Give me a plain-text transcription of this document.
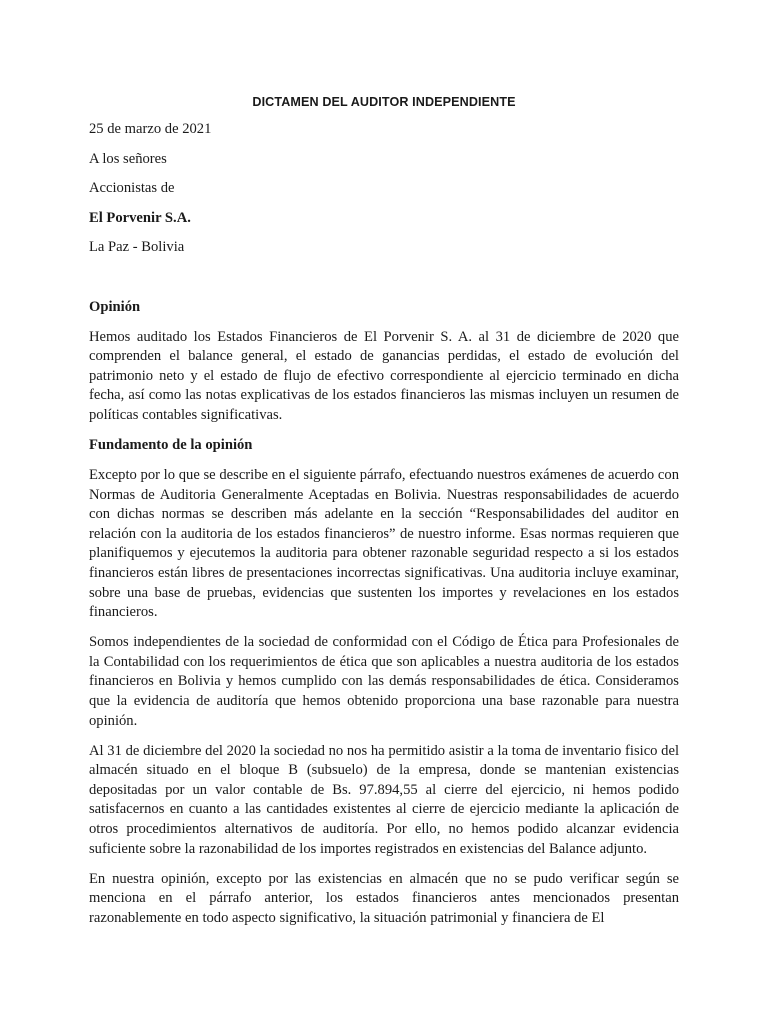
DICTAMEN DEL AUDITOR INDEPENDIENTE
25 de marzo de 2021
A los señores
Accionistas de
El Porvenir S.A.
La Paz - Bolivia
Opinión

Hemos auditado los Estados Financieros de El Porvenir S. A. al 31 de diciembre de 2020 que comprenden el balance general, el estado de ganancias perdidas, el estado de evolución del patrimonio neto y el estado de flujo de efectivo correspondiente al ejercicio terminado en dicha fecha, así como las notas explicativas de los estados financieros las mismas incluyen un resumen de políticas contables significativas.

Fundamento de la opinión

Excepto por lo que se describe en el siguiente párrafo, efectuando nuestros exámenes de acuerdo con Normas de Auditoria Generalmente Aceptadas en Bolivia. Nuestras responsabilidades de acuerdo con dichas normas se describen más adelante en la sección “Responsabilidades del auditor en relación con la auditoria de los estados financieros” de nuestro informe. Esas normas requieren que planifiquemos y ejecutemos la auditoria para obtener razonable seguridad respecto a si los estados financieros están libres de presentaciones incorrectas significativas. Una auditoria incluye examinar, sobre una base de pruebas, evidencias que sustenten los importes y revelaciones en los estados financieros.

Somos independientes de la sociedad de conformidad con el Código de Ética para Profesionales de la Contabilidad con los requerimientos de ética que son aplicables a nuestra auditoria de los estados financieros en Bolivia y hemos cumplido con las demás responsabilidades de ética. Consideramos que la evidencia de auditoría que hemos obtenido proporciona una base razonable para nuestra opinión.

Al 31 de diciembre del 2020 la sociedad no nos ha permitido asistir a la toma de inventario fisico del almacén situado en el bloque B (subsuelo) de la empresa, donde se mantenian existencias depositadas por un valor contable de Bs. 97.894,55 al cierre del ejercicio, ni hemos podido satisfacernos en cuanto a las cantidades existentes al cierre de ejercicio mediante la aplicación de otros procedimientos alternativos de auditoría. Por ello, no hemos podido alcanzar evidencia suficiente sobre la razonabilidad de los importes registrados en existencias del Balance adjunto.

En nuestra opinión, excepto por las existencias en almacén que no se pudo verificar según se menciona en el párrafo anterior, los estados financieros antes mencionados presentan razonablemente en todo aspecto significativo, la situación patrimonial y financiera de El
